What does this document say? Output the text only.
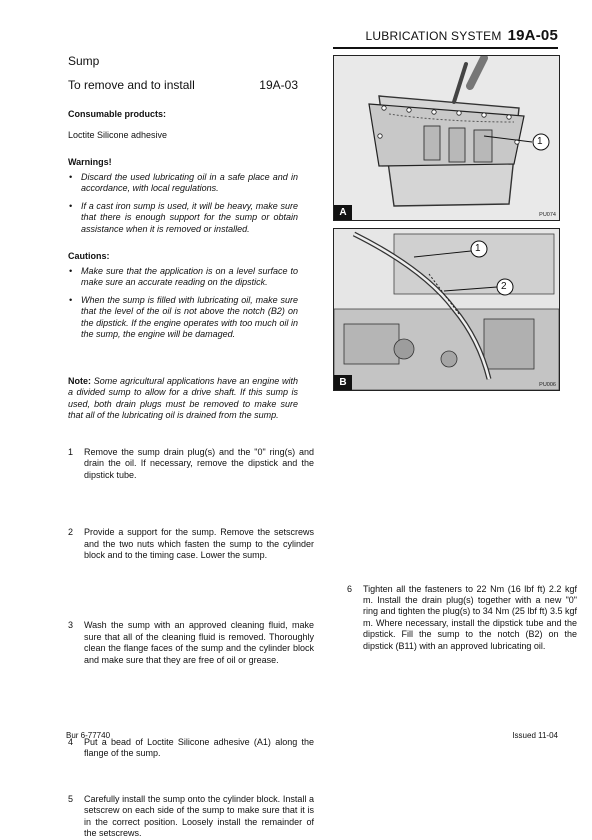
LUBRICATION SYSTEM 19A-05
Sump
To remove and to install	19A-03
Consumable products:
Loctite Silicone adhesive
Warnings!
• Discard the used lubricating oil in a safe place and in accordance, with local regulations.
• If a cast iron sump is used, it will be heavy, make sure that there is enough support for the sump or obtain assistance when it is removed or installed.
Cautions:
• Make sure that the application is on a level surface to make sure an accurate reading on the dipstick.
• When the sump is filled with lubricating oil, make sure that the level of the oil is not above the notch (B2) on the dipstick. If the engine operates with too much oil in the sump, the engine will be damaged.
Note: Some agricultural applications have an engine with a divided sump to allow for a drive shaft. If this sump is used, both drain plugs must be removed to make sure that all of the lubricating oil is drained from the sump.
1 Remove the sump drain plug(s) and the "0" ring(s) and drain the oil. If necessary, remove the dipstick and the dipstick tube.
2 Provide a support for the sump. Remove the setscrews and the two nuts which fasten the sump to the cylinder block and to the timing case. Lower the sump.
3 Wash the sump with an approved cleaning fluid, make sure that all of the cleaning fluid is removed. Thoroughly clean the flange faces of the sump and the cylinder block and make sure that they are free of oil or grease.
4 Put a bead of Loctite Silicone adhesive (A1) along the flange of the sump.
5 Carefully install the sump onto the cylinder block. Install a setscrew on each side of the sump to make sure that it is in the correct position. Loosely install the remainder of the setscrews.
1
A	PU074
1
2
B	PU006
6 Tighten all the fasteners to 22 Nm (16 lbf ft) 2.2 kgf m. Install the drain plug(s) together with a new "0" ring and tighten the plug(s) to 34 Nm (25 lbf ft) 3.5 kgf m. Where necessary, install the dipstick tube and the dipstick. Fill the sump to the notch (B2) on the dipstick (B11) with an approved lubricating oil.
Bur 6-77740	Issued 11-04
